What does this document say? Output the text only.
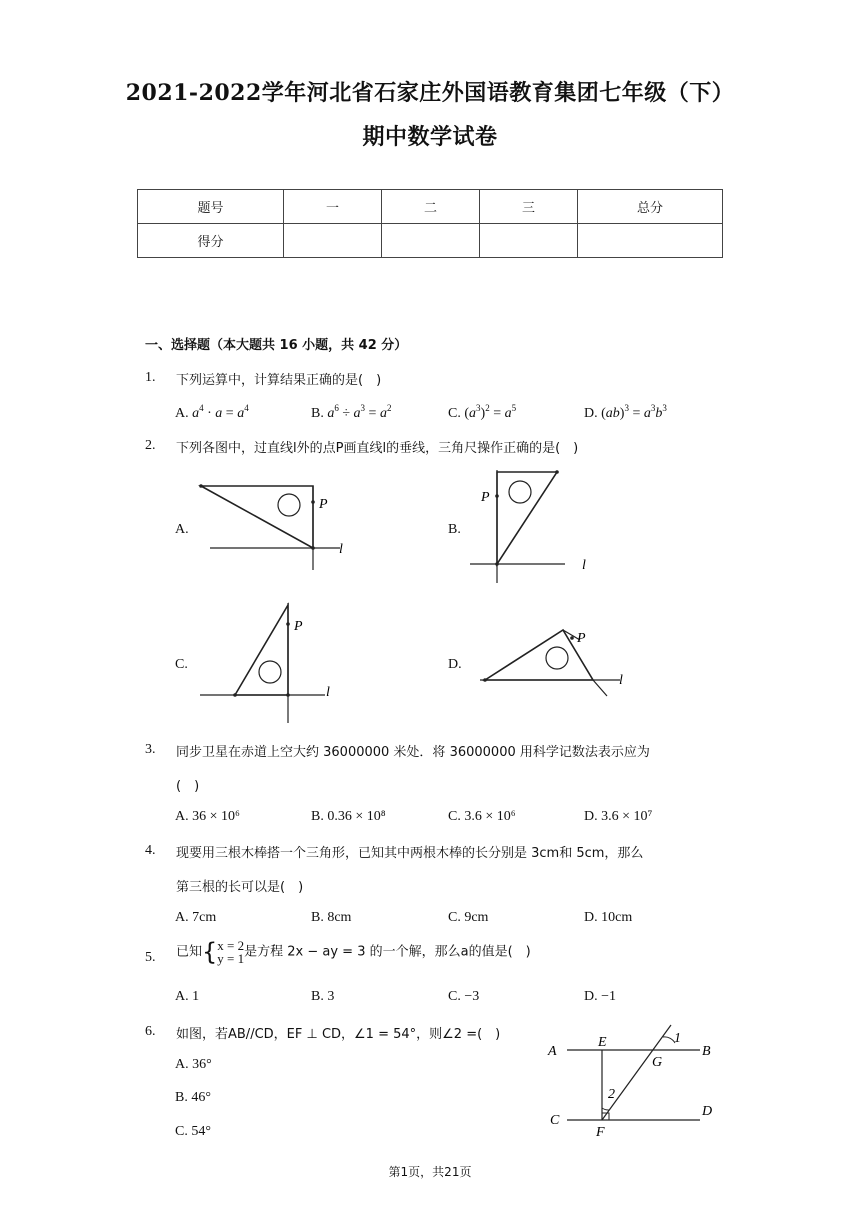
2021-2022学年河北省石家庄外国语教育集团七年级（下）
期中数学试卷
题号	一	二	三	总分
得分				
一、选择题（本大题共 16 小题，共 42 分）
1. 下列运算中，计算结果正确的是(　)
A. $a^4 \cdot a = a^4$	B. $a^6 \div a^3 = a^2$	C. $(a^3)^2 = a^5$	D. $(ab)^3 = a^3b^3$
2. 下列各图中，过直线l外的点P画直线l的垂线，三角尺操作正确的是(　)
A.
P
l
B.
P
l
C.
P
l
D.
P
l
3. 同步卫星在赤道上空大约 36000000 米处．将 36000000 用科学记数法表示应为
(　)
A. 36 × 10⁶	B. 0.36 × 10⁸	C. 3.6 × 10⁶	D. 3.6 × 10⁷
4. 现要用三根木棒搭一个三角形，已知其中两根木棒的长分别是 3cm和 5cm，那么
第三根的长可以是(　)
A. 7cm	B. 8cm	C. 9cm	D. 10cm
5. 已知{x = 2
y = 1是方程 2x − ay = 3 的一个解，那么a的值是(　)
A. 1	B. 3	C. −3	D. −1
6. 如图，若AB//CD，EF ⊥ CD，∠1 = 54°，则∠2 =(　)
A. 36°
B. 46°
C. 54°
A	B
C
D
E
F
G
1
2
第1页，共21页
